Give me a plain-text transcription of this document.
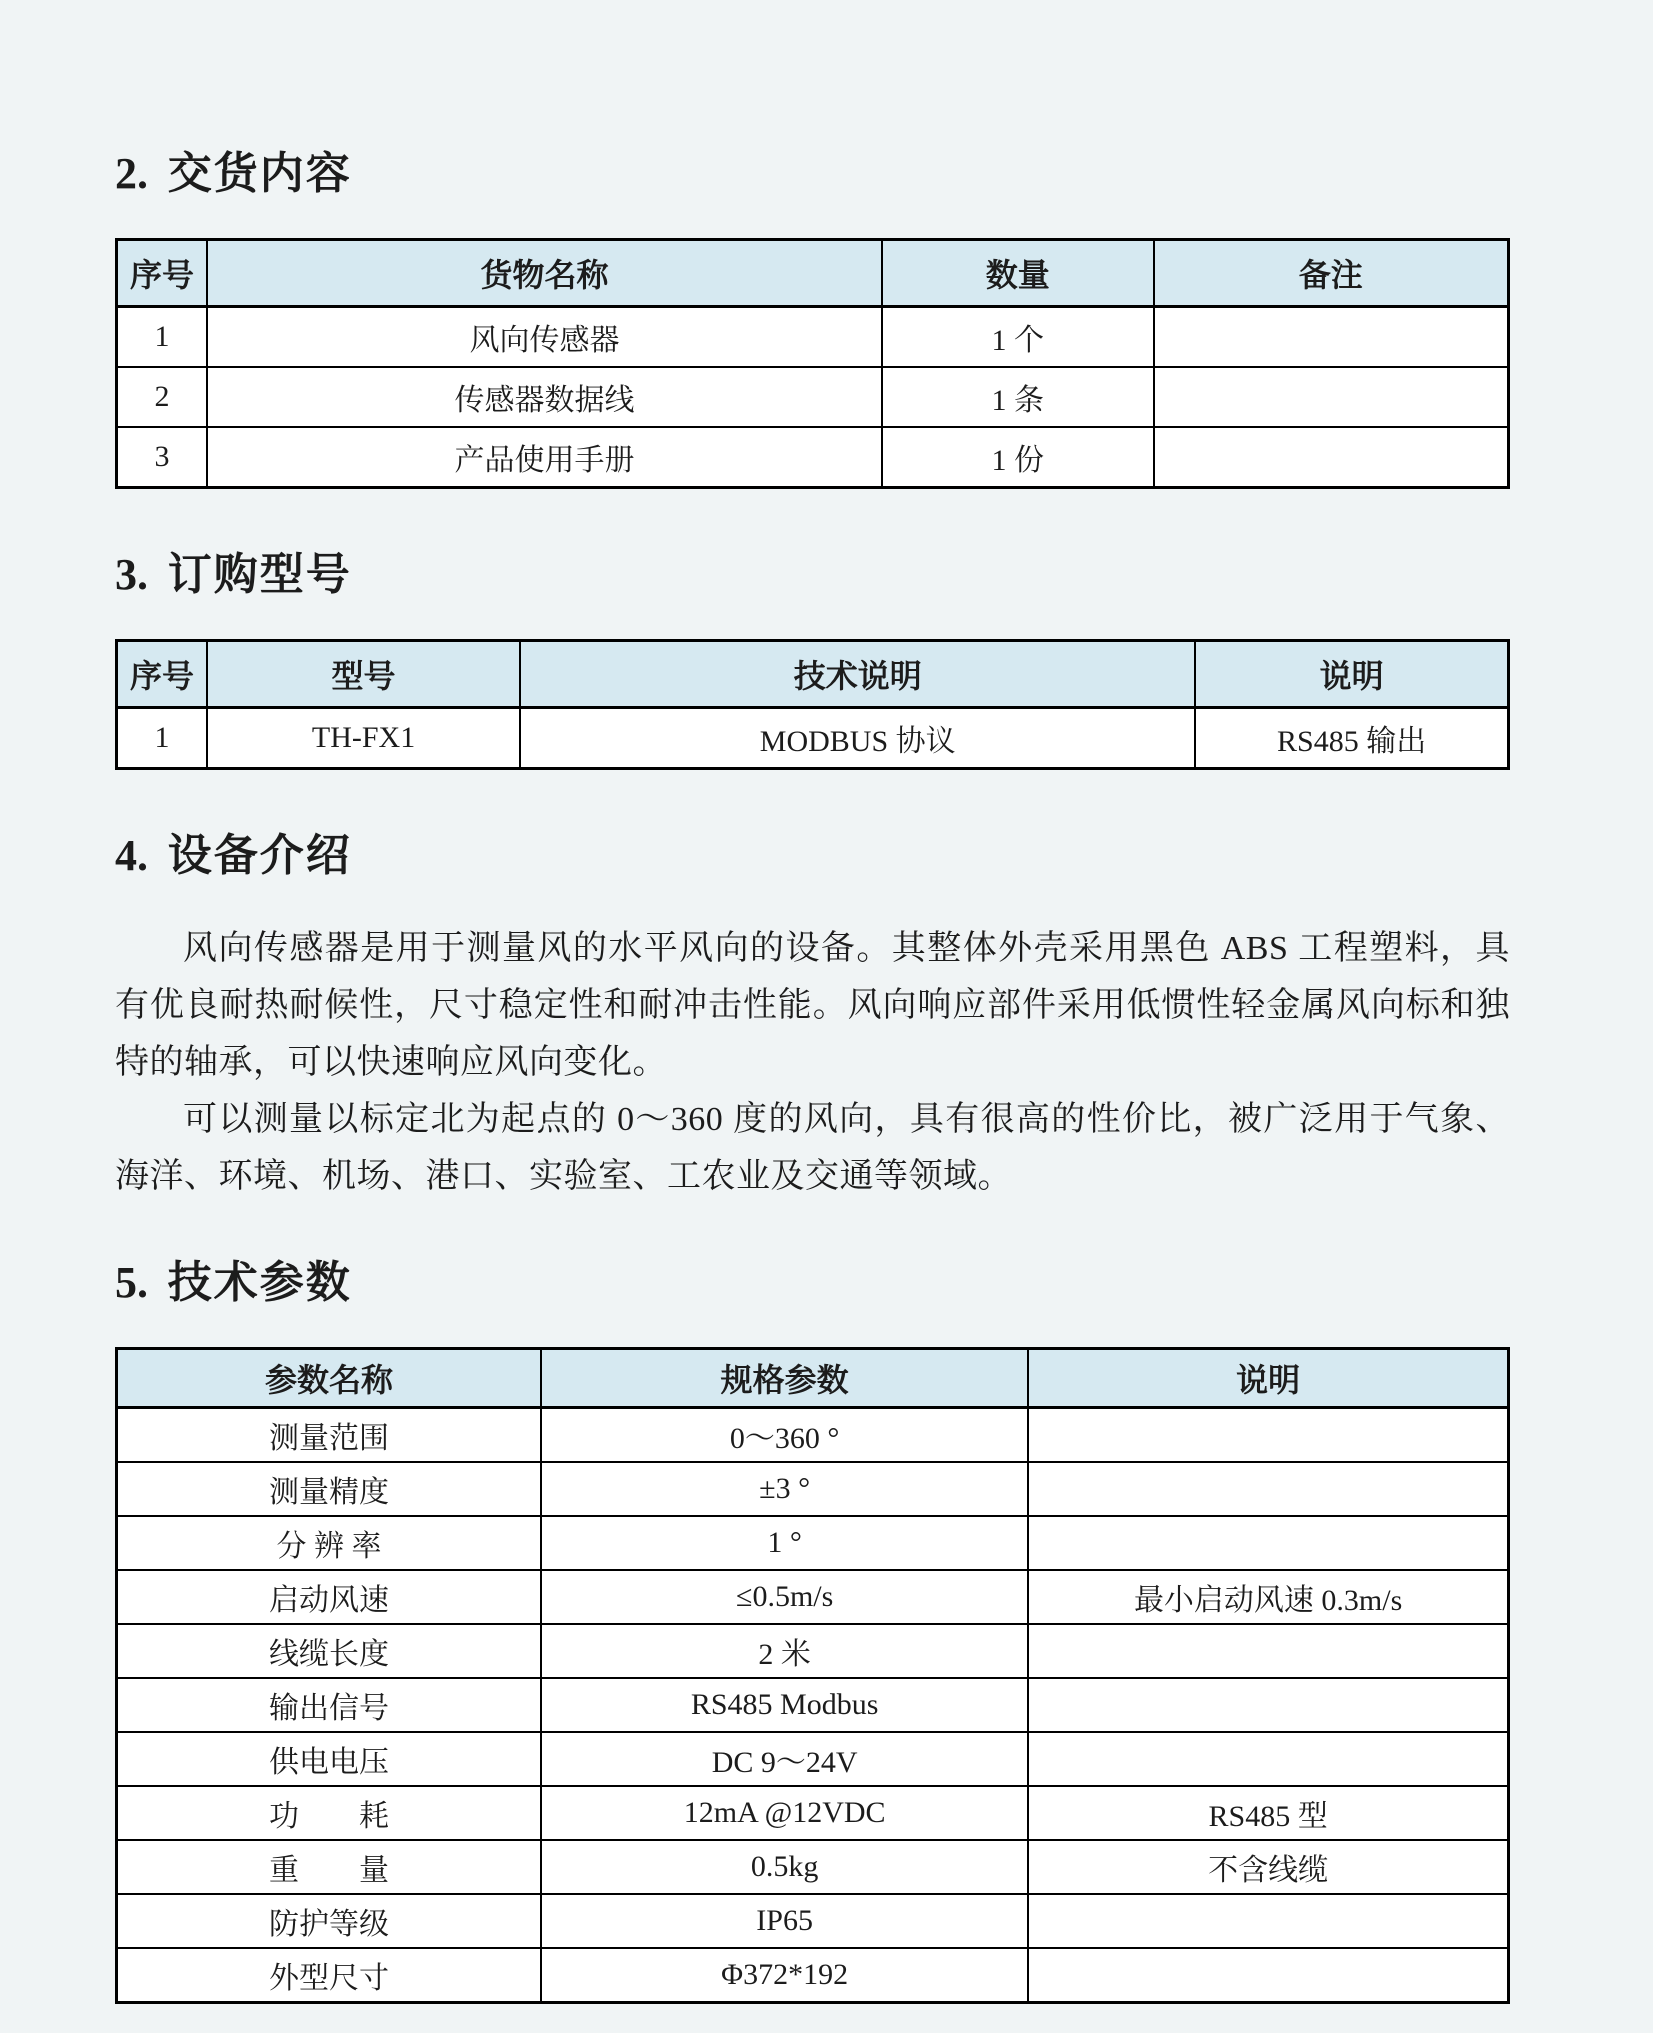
2. 交货内容
序号	货物名称	数量	备注
1	风向传感器	1 个	
2	传感器数据线	1 条	
3	产品使用手册	1 份	
3. 订购型号
序号	型号	技术说明	说明
1	TH-FX1	MODBUS 协议	RS485 输出
4. 设备介绍

风向传感器是用于测量风的水平风向的设备。其整体外壳采用黑色 ABS 工程塑料，具有优良耐热耐候性，尺寸稳定性和耐冲击性能。风向响应部件采用低惯性轻金属风向标和独特的轴承，可以快速响应风向变化。

可以测量以标定北为起点的 0～360 度的风向，具有很高的性价比，被广泛用于气象、海洋、环境、机场、港口、实验室、工农业及交通等领域。

5. 技术参数
参数名称	规格参数	说明
测量范围	0～360 °	
测量精度	±3 °	
分 辨 率	1 °	
启动风速	≤0.5m/s	最小启动风速 0.3m/s
线缆长度	2 米	
输出信号	RS485 Modbus	
供电电压	DC 9～24V	
功　　耗	12mA @12VDC	RS485 型
重　　量	0.5kg	不含线缆
防护等级	IP65	
外型尺寸	Φ372*192	
